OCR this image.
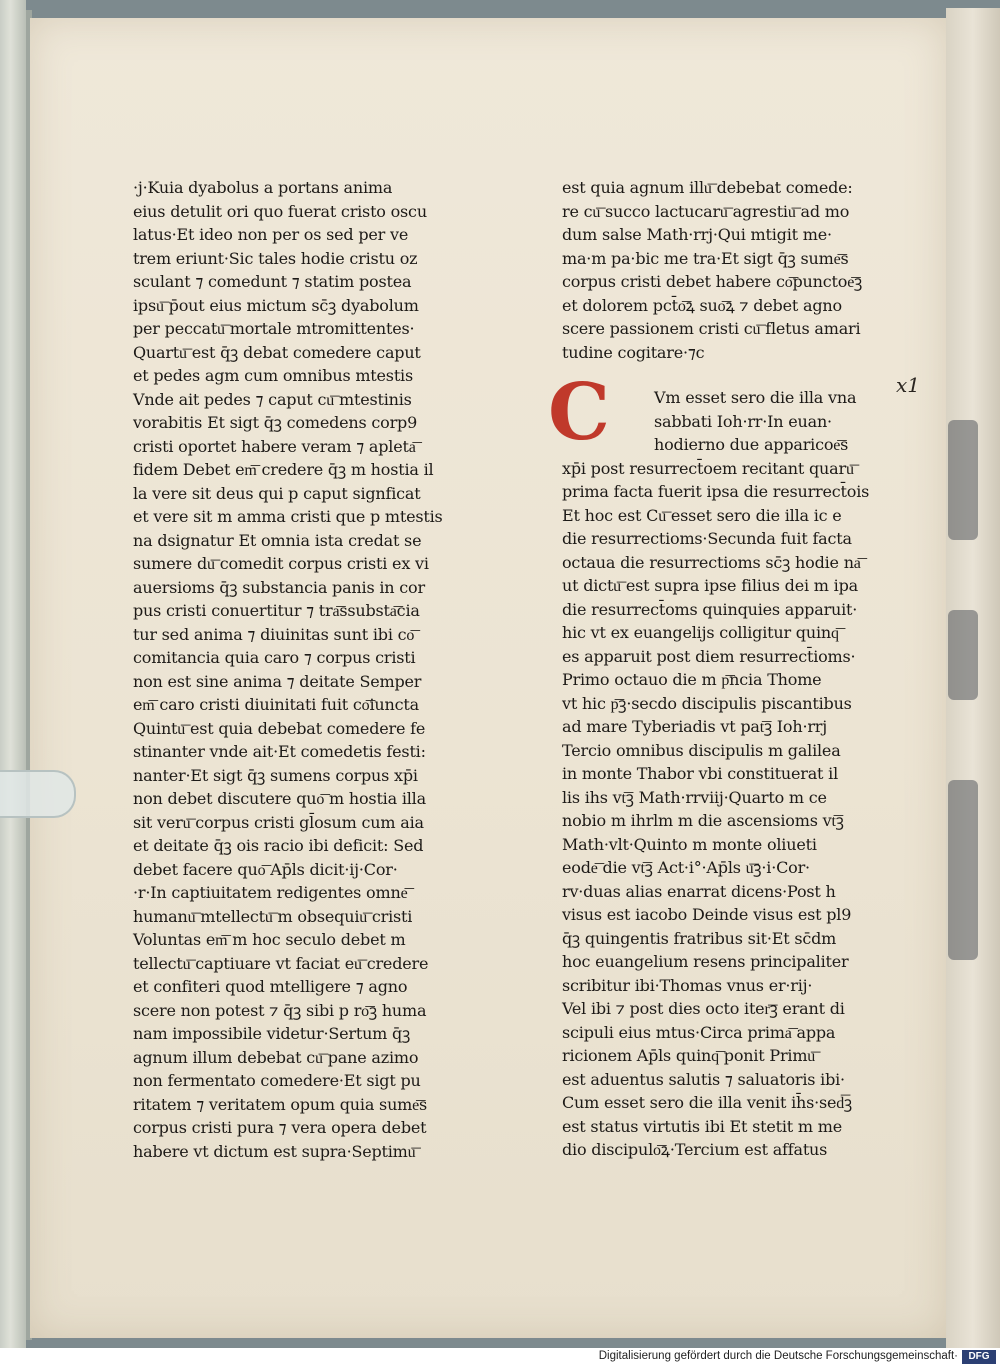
·j·Kuia dyabolus a portans anima
eius detulit ori quo fuerat cristo oscu
latus·Et ideo non per os sed per ve
trem eriunt·Sic tales hodie cristu oz
sculant ⁊ comedunt ⁊ statim postea
ipsu͞ p̄out eius mictum sc̄ꝫ dyabolum
per peccatu͞ mortale mtromittentes·
Quartu͞ est q̄ꝫ debat comedere caput
et pedes agm cum omnibus mtestis
Vnde ait pedes ⁊ caput cu͞ mtestinis
vorabitis Et sigt q̄ꝫ comedens corp9
cristi oportet habere veram ⁊ apleta͞
fidem Debet em͞ credere q̄ꝫ m hostia il
la vere sit deus qui p caput signficat
et vere sit m amma cristi que p mtestis
na dsignatur Et omnia ista credat se
sumere du͞ comedit corpus cristi ex vi
auersioms q̄ꝫ substancia panis in cor
pus cristi conuertitur ⁊ tra͞ssubsta͞cia
tur sed anima ⁊ diuinitas sunt ibi co͞
comitancia quia caro ⁊ corpus cristi
non est sine anima ⁊ deitate Semper
em͞ caro cristi diuinitati fuit co͞iuncta
Quintu͞ est quia debebat comedere fe
stinanter vnde ait·Et comedetis festi:
nanter·Et sigt q̄ꝫ sumens corpus xp̄i
non debet discutere quo͞ m hostia illa
sit veru͞ corpus cristi gl̄osum cum aia
et deitate q̄ꝫ ois racio ibi deficit: Sed
debet facere quo͞ Ap̄ls dicit·ij·Cor·
·r·In captiuitatem redigentes omne͞
humanu͞ mtellectu͞ m obsequiu͞ cristi
Voluntas em͞ m hoc seculo debet m
tellectu͞ captiuare vt faciat eu͞ credere
et confiteri quod mtelligere ⁊ agno
scere non potest ⁊ q̄ꝫ sibi p ro͞ꝫ huma
nam impossibile videtur·Sertum q̄ꝫ
agnum illum debebat cu͞ pane azimo
non fermentato comedere·Et sigt pu
ritatem ⁊ veritatem opum quia sume͞s
corpus cristi pura ⁊ vera opera debet
habere vt dictum est supra·Septimu͞
C
est quia agnum illu͞ debebat comede:
re cu͞ succo lactucaru͞ agrestiu͞ ad mo
dum salse Math·rrj·Qui mtigit me·
ma·m pa·bic me tra·Et sigt q̄ꝫ sume͞s
corpus cristi debet habere co͞punctoe͞ꝫ
et dolorem pct̄o͞ꝝ suo͞ꝝ ⁊ debet agno
scere passionem cristi cu͞ fletus amari
tudine cogitare·⁊c
Vm esset sero die illa vna
sabbati Ioh·rr·In euan·
hodierno due apparicoe͞s
xp̄i post resurrect̄oem recitant quaru͞
prima facta fuerit ipsa die resurrect̄ois
Et hoc est Cu͞ esset sero die illa ic e
die resurrectioms·Secunda fuit facta
octaua die resurrectioms sc̄ꝫ hodie na͞
ut dictu͞ est supra ipse filius dei m ipa
die resurrect̄oms quinquies apparuit·
hic vt ex euangelijs colligitur quinq͞
es apparuit post diem resurrect̄ioms·
Primo octauo die m p͞ncia Thome
vt hic p͞ꝫ·secdo discipulis piscantibus
ad mare Tyberiadis vt pat͞ꝫ Ioh·rrj
Tercio omnibus discipulis m galilea
in monte Thabor vbi constituerat il
lis ihs vt͞ꝫ Math·rrviij·Quarto m ce
nobio m ihrlm m die ascensioms vt͞ꝫ
Math·vlt·Quinto m monte oliueti
eode͞ die vt͞ꝫ Act·i°·Ap̄ls u͞ꝫ·i·Cor·
rv·duas alias enarrat dicens·Post h
visus est iacobo Deinde visus est pl9
q̄ꝫ quingentis fratribus sit·Et sc̄dm
hoc euangelium resens principaliter
scribitur ibi·Thomas vnus er·rij·
Vel ibi ⁊ post dies octo iter͞ꝫ erant di
scipuli eius mtus·Circa prima͞ appa
ricionem Ap̄ls quinq͞ ponit Primu͞
est aduentus salutis ⁊ saluatoris ibi·
Cum esset sero die illa venit ih̄s·sed͞ꝫ
est status virtutis ibi Et stetit m me
dio discipulo͞ꝝ·Tercium est affatus
x1
Digitalisierung gefördert durch die Deutsche Forschungsgemeinschaft·	DFG
